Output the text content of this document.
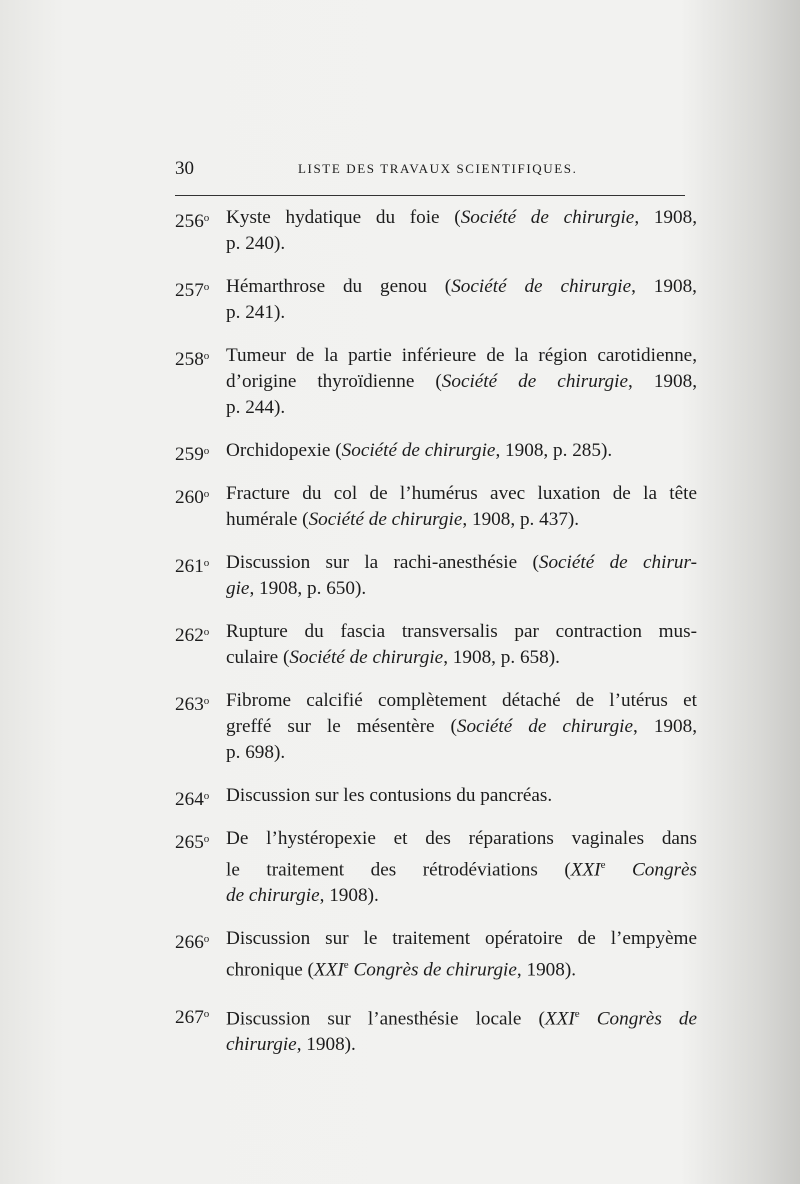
30	LISTE DES TRAVAUX SCIENTIFIQUES.
256$^o$ Kyste hydatique du foie (Société de chirurgie, 1908,
p. 240).
257$^o$ Hémarthrose du genou (Société de chirurgie, 1908,
p. 241).
258$^o$ Tumeur de la partie inférieure de la région carotidienne,
d’origine thyroïdienne (Société de chirurgie, 1908,
p. 244).
259$^o$ Orchidopexie (Société de chirurgie, 1908, p. 285).
260$^o$ Fracture du col de l’humérus avec luxation de la tête
humérale (Société de chirurgie, 1908, p. 437).
261$^o$ Discussion sur la rachi-anesthésie (Société de chirur-
gie, 1908, p. 650).
262$^o$ Rupture du fascia transversalis par contraction mus-
culaire (Société de chirurgie, 1908, p. 658).
263$^o$ Fibrome calcifié complètement détaché de l’utérus et
greffé sur le mésentère (Société de chirurgie, 1908,
p. 698).
264$^o$ Discussion sur les contusions du pancréas.
265$^o$ De l’hystéropexie et des réparations vaginales dans
le traitement des rétrodéviations (XXIe Congrès
de chirurgie, 1908).
266$^o$ Discussion sur le traitement opératoire de l’empyème
chronique (XXIe Congrès de chirurgie, 1908).
267$^o$ Discussion sur l’anesthésie locale (XXIe Congrès de
chirurgie, 1908).
